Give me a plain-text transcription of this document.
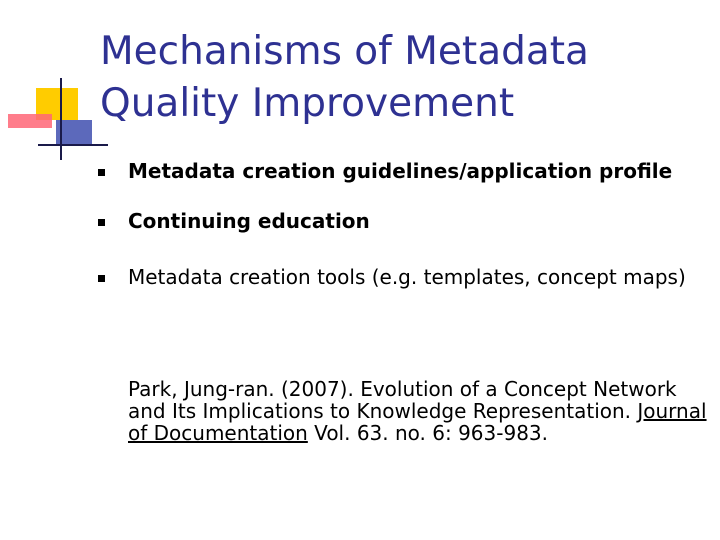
Mechanisms of Metadata
Quality Improvement
Metadata creation guidelines/application profile
Continuing education
Metadata creation tools (e.g. templates, concept maps)

Park, Jung-ran. (2007). Evolution of a Concept Network and Its Implications to Knowledge Representation. Journal of Documentation Vol. 63. no. 6: 963-983.
